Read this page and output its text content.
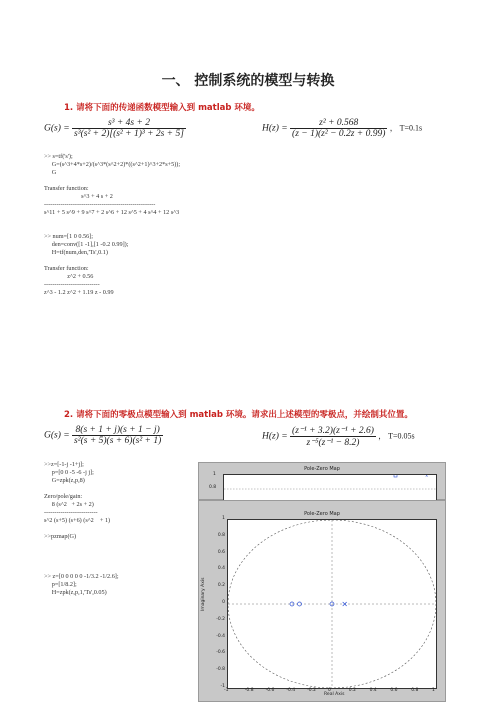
一、 控制系统的模型与转换
1. 请将下面的传递函数模型输入到 matlab 环境。
$G(s) = \frac{\text{s³ + 4s + 2}}{\text{s³(s² + 2)[(s² + 1)³ + 2s + 5]}}$	$H(z) = \frac{\text{z² + 0.568}}{\text{(z − 1)(z² − 0.2z + 0.99)}}$ ， T=0.1s
>> s=tf('s');
G=(s^3+4*s+2)/(s^3*(s^2+2)*((s^2+1)^3+2*s+5));
G
Transfer function:
s^3 + 4 s + 2
------------------------------------------------------
s^11 + 5 s^9 + 9 s^7 + 2 s^6 + 12 s^5 + 4 s^4 + 12 s^3
>> num=[1 0 0.56];
den=conv([1 -1],[1 -0.2 0.99]);
H=tf(num,den,'Ts',0.1)
Transfer function:
z^2 + 0.56
---------------------------
z^3 - 1.2 z^2 + 1.19 z - 0.99
2. 请将下面的零极点模型输入到 matlab 环境。请求出上述模型的零极点，并绘制其位置。
$G(s) = \frac{8(s + 1 + j)(s + 1 - j)}{\text{s²(s + 5)(s + 6)(s² + 1)}}$	$H(z) = \frac{\text{(z⁻¹ + 3.2)(z⁻¹ + 2.6)}}{\text{z⁻⁵(z⁻¹ − 8.2)}}$ ， T=0.05s
>>z=[-1-j -1+j];
p=[0 0 -5 -6 -j j];
G=zpk(z,p,8)
Zero/pole/gain:
8 (s^2   + 2s + 2)
--------------------------
s^2 (s+5) (s+6) (s^2    + 1)
>>pzmap(G)
>> z=[0 0 0 0 0 -1/3.2 -1/2.6];
p=[1/8.2];
H=zpk(z,p,1,'Ts',0.05)
Pole-Zero Map
×
1
0.8
Pole-Zero Map
1
0.8
0.6
0.4
0.2
0
-0.2
-0.4
-0.6
-0.8
-1
-1	-0.8	-0.6	-0.4	-0.2	0	0.2	0.4	0.6	0.8	1
Real Axis
Imaginary Axis
